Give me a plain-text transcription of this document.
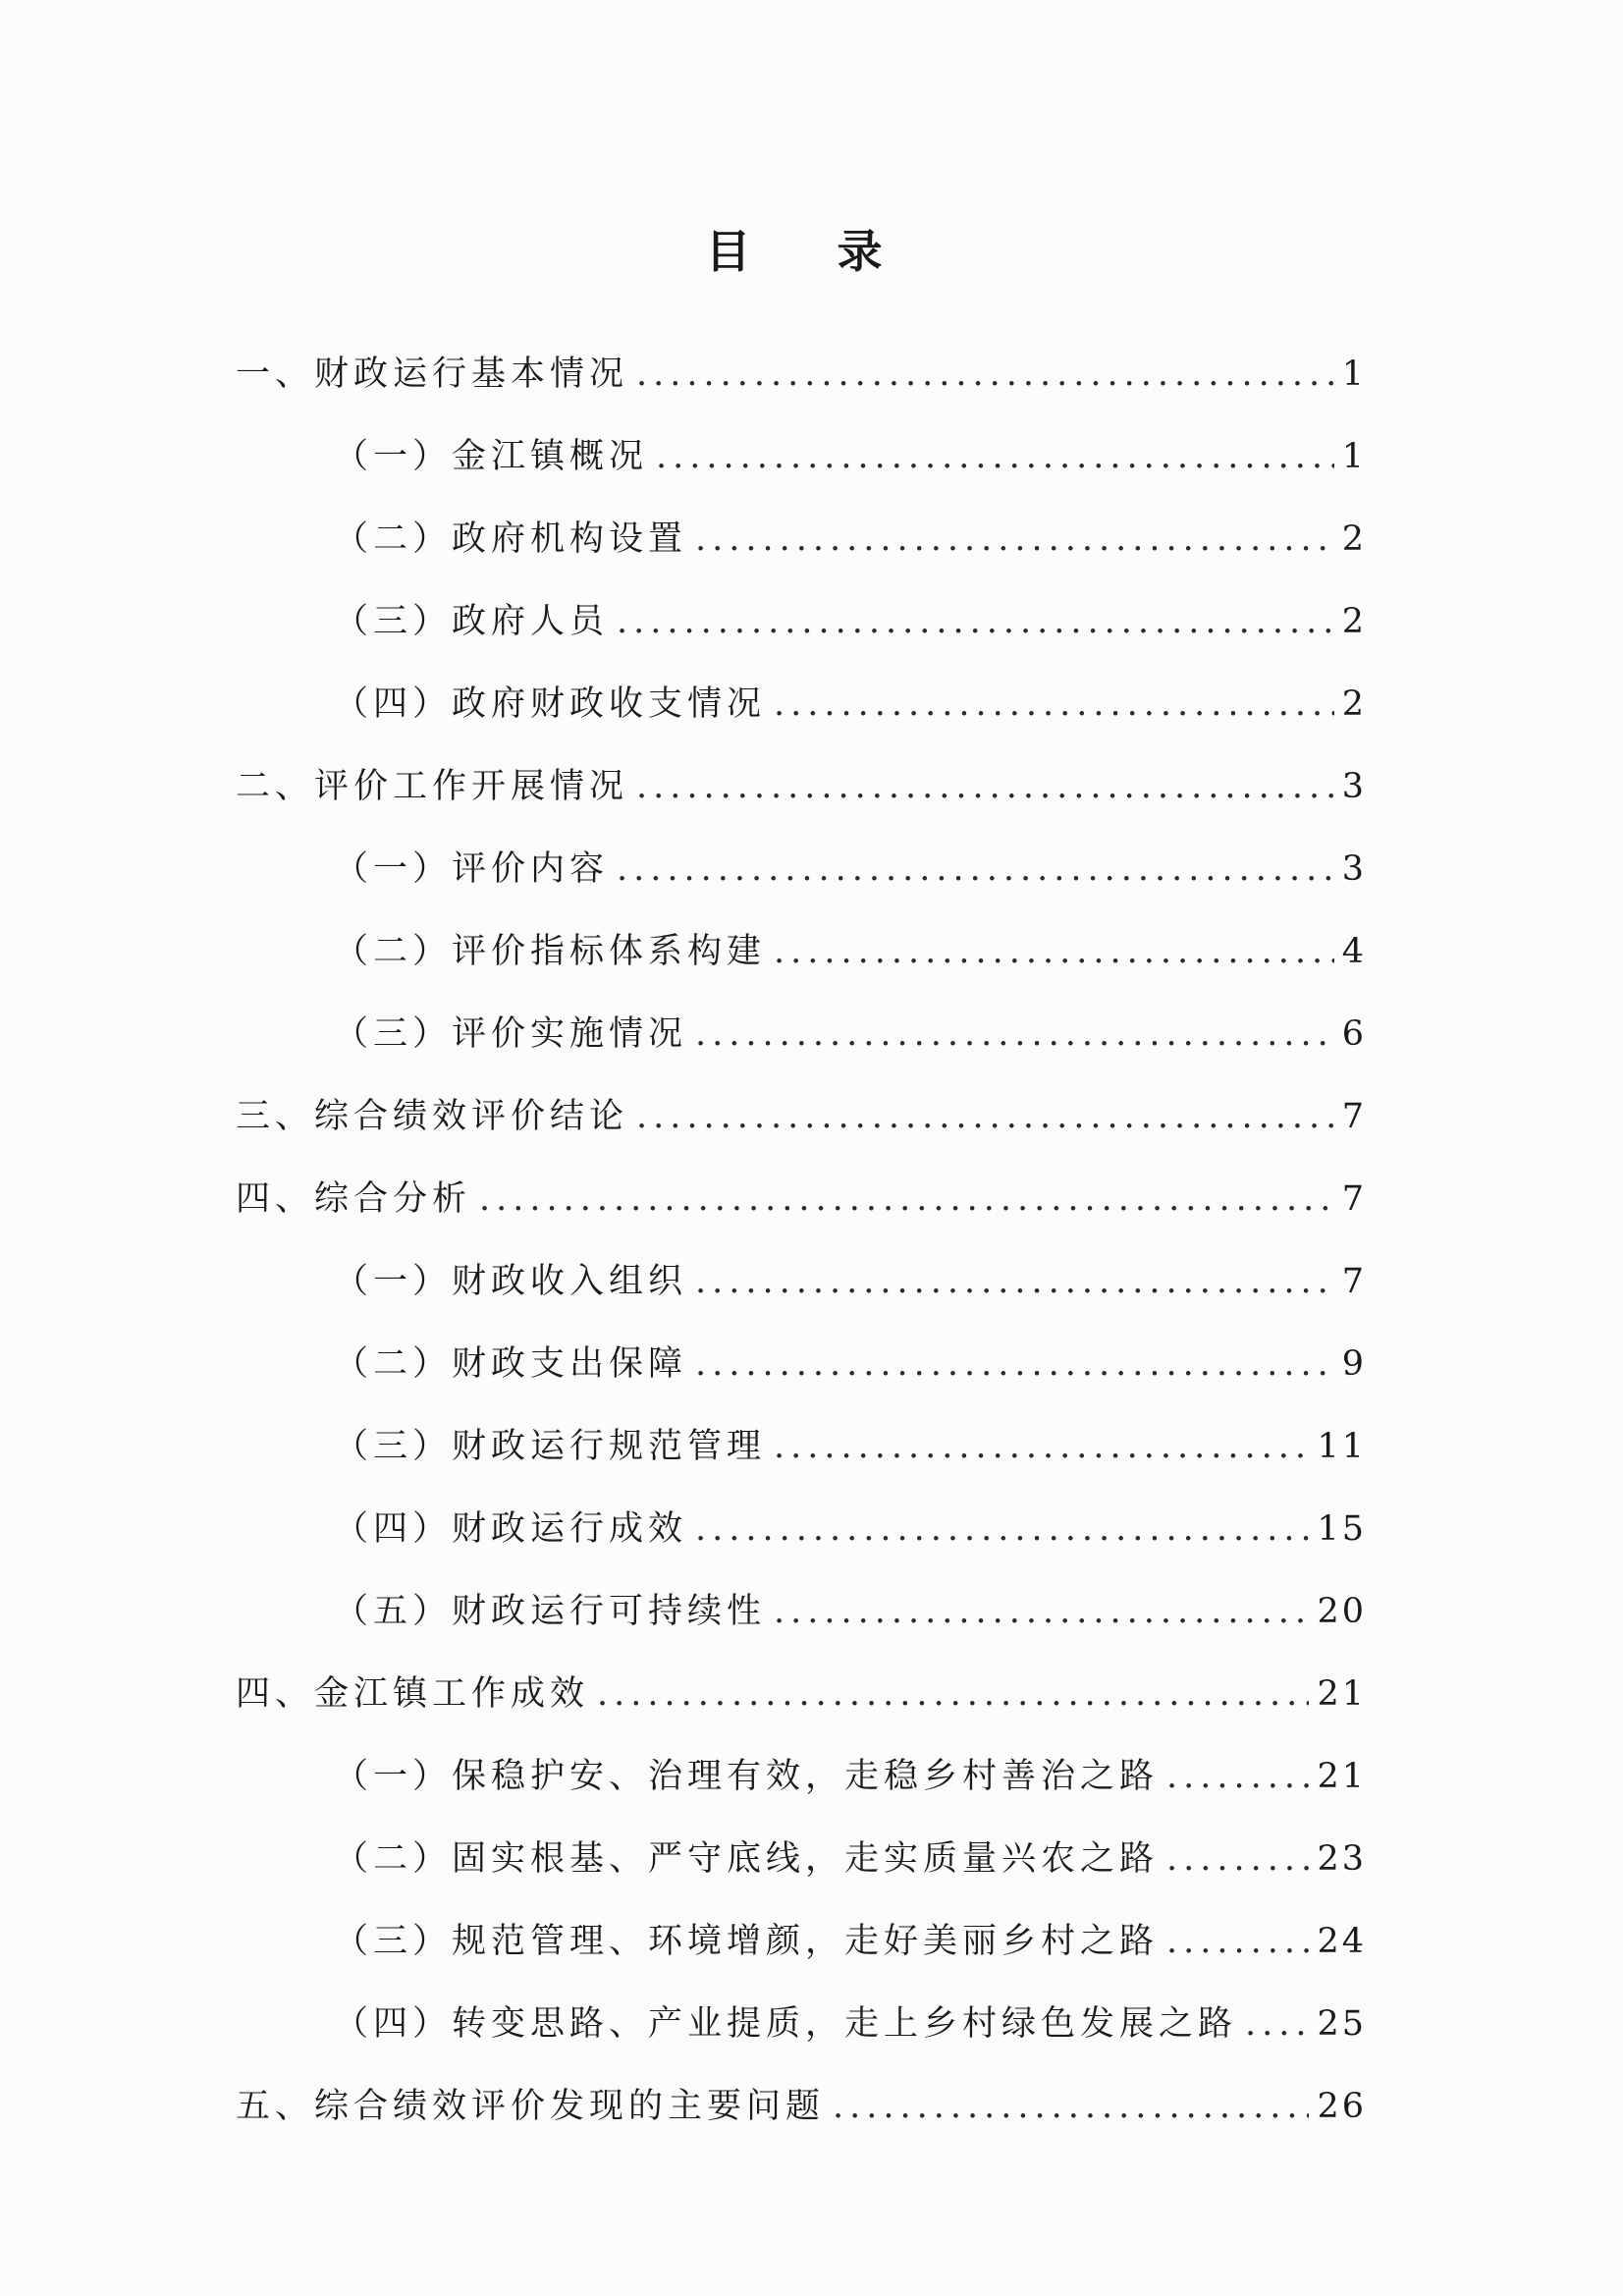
目 录
一、财政运行基本情况 .....	1
（一）金江镇概况 .....	1
（二）政府机构设置 .....	2
（三）政府人员 .....	2
（四）政府财政收支情况 .....	2
二、评价工作开展情况 .....	3
（一）评价内容 .....	3
（二）评价指标体系构建 .....	4
（三）评价实施情况 .....	6
三、综合绩效评价结论 .....	7
四、综合分析 .....	7
（一）财政收入组织 .....	7
（二）财政支出保障 .....	9
（三）财政运行规范管理 .....	11
（四）财政运行成效 .....	15
（五）财政运行可持续性 .....	20
四、金江镇工作成效 .....	21
（一）保稳护安、治理有效，走稳乡村善治之路 .....	21
（二）固实根基、严守底线，走实质量兴农之路 .....	23
（三）规范管理、环境增颜，走好美丽乡村之路 .....	24
（四）转变思路、产业提质，走上乡村绿色发展之路 ..... 25
五、综合绩效评价发现的主要问题 .....	26
